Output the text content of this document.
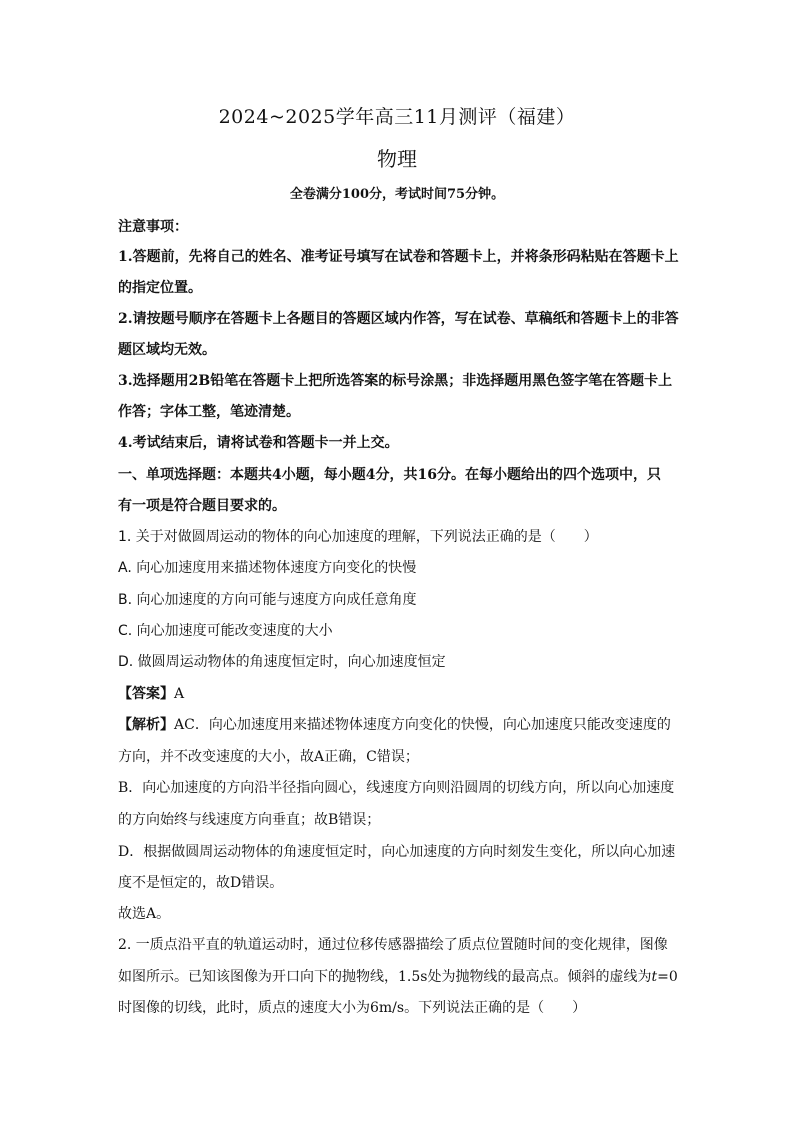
2024~2025学年高三11月测评（福建）
物理
全卷满分100分，考试时间75分钟。
注意事项：
1.答题前，先将自己的姓名、准考证号填写在试卷和答题卡上，并将条形码粘贴在答题卡上
的指定位置。
2.请按题号顺序在答题卡上各题目的答题区域内作答，写在试卷、草稿纸和答题卡上的非答
题区域均无效。
3.选择题用2B铅笔在答题卡上把所选答案的标号涂黑；非选择题用黑色签字笔在答题卡上
作答；字体工整，笔迹清楚。
4.考试结束后，请将试卷和答题卡一并上交。
一、单项选择题：本题共4小题，每小题4分，共16分。在每小题给出的四个选项中，只
有一项是符合题目要求的。
1. 关于对做圆周运动的物体的向心加速度的理解，下列说法正确的是（　　）
A. 向心加速度用来描述物体速度方向变化的快慢
B. 向心加速度的方向可能与速度方向成任意角度
C. 向心加速度可能改变速度的大小
D. 做圆周运动物体的角速度恒定时，向心加速度恒定
【答案】A
【解析】AC．向心加速度用来描述物体速度方向变化的快慢，向心加速度只能改变速度的
方向，并不改变速度的大小，故A正确，C错误；
B．向心加速度的方向沿半径指向圆心，线速度方向则沿圆周的切线方向，所以向心加速度
的方向始终与线速度方向垂直；故B错误；
D．根据做圆周运动物体的角速度恒定时，向心加速度的方向时刻发生变化，所以向心加速
度不是恒定的，故D错误。
故选A。
2. 一质点沿平直的轨道运动时，通过位移传感器描绘了质点位置随时间的变化规律，图像
如图所示。已知该图像为开口向下的抛物线，1.5s处为抛物线的最高点。倾斜的虚线为t=0
时图像的切线，此时，质点的速度大小为6m/s。下列说法正确的是（　　）
